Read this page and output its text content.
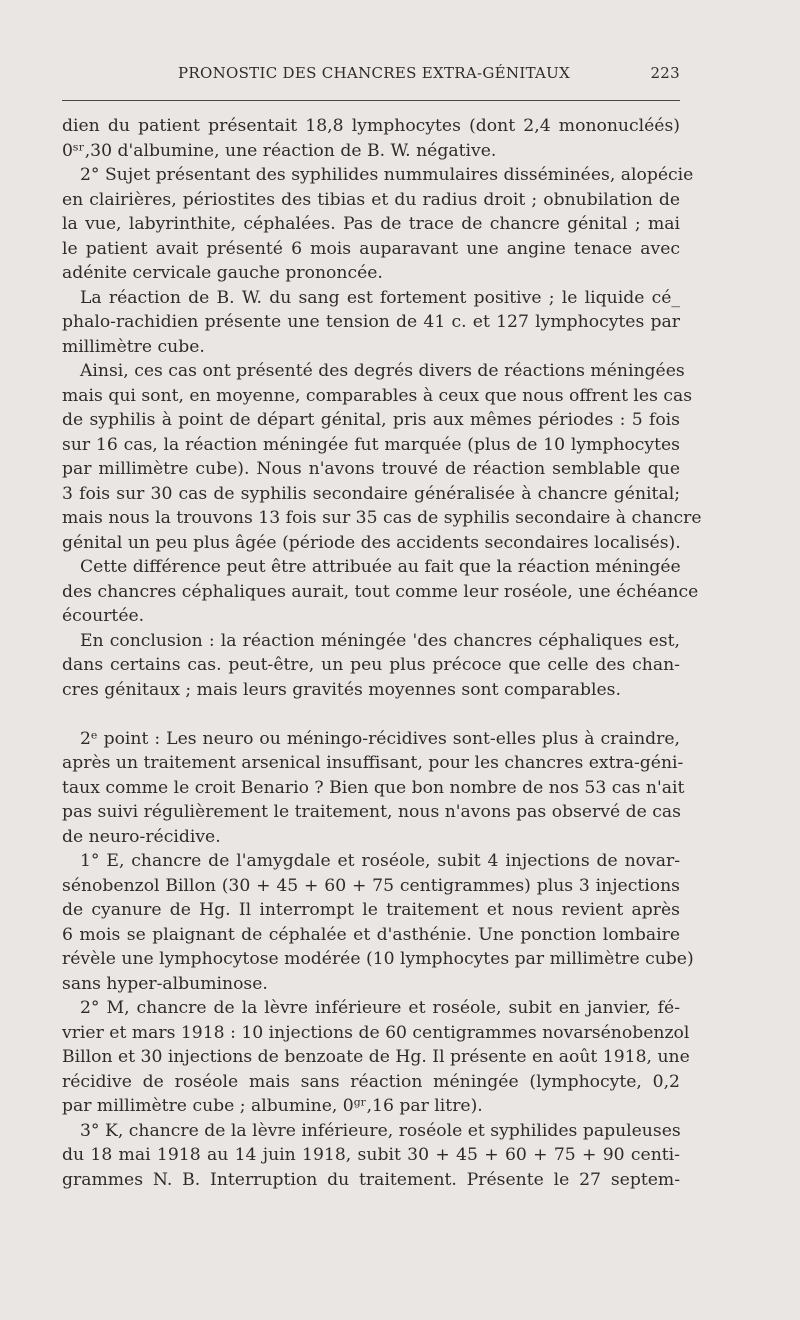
PRONOSTIC DES CHANCRES EXTRA-GÉNITAUX	223
dien du patient présentait 18,8 lymphocytes (dont 2,4 mononucléés)
0ˢʳ,30 d'albumine, une réaction de B. W. négative.
2° Sujet présentant des syphilides nummulaires disséminées, alopécie
en clairières, périostites des tibias et du radius droit ; obnubilation de
la vue, labyrinthite, céphalées. Pas de trace de chancre génital ; mai
le patient avait présenté 6 mois auparavant une angine tenace avec
adénite cervicale gauche prononcée.
La réaction de B. W. du sang est fortement positive ; le liquide cé_
phalo-rachidien présente une tension de 41 c. et 127 lymphocytes par
millimètre cube.
Ainsi, ces cas ont présenté des degrés divers de réactions méningées
mais qui sont, en moyenne, comparables à ceux que nous offrent les cas
de syphilis à point de départ génital, pris aux mêmes périodes : 5 fois
sur 16 cas, la réaction méningée fut marquée (plus de 10 lymphocytes
par millimètre cube). Nous n'avons trouvé de réaction semblable que
3 fois sur 30 cas de syphilis secondaire généralisée à chancre génital;
mais nous la trouvons 13 fois sur 35 cas de syphilis secondaire à chancre
génital un peu plus âgée (période des accidents secondaires localisés).
Cette différence peut être attribuée au fait que la réaction méningée
des chancres céphaliques aurait, tout comme leur roséole, une échéance
écourtée.
En conclusion : la réaction méningée 'des chancres céphaliques est,
dans certains cas. peut-être, un peu plus précoce que celle des chan-
cres génitaux ; mais leurs gravités moyennes sont comparables.
2ᵉ point : Les neuro ou méningo-récidives sont-elles plus à craindre,
après un traitement arsenical insuffisant, pour les chancres extra-géni-
taux comme le croit Benario ? Bien que bon nombre de nos 53 cas n'ait
pas suivi régulièrement le traitement, nous n'avons pas observé de cas
de neuro-récidive.
1° E, chancre de l'amygdale et roséole, subit 4 injections de novar-
sénobenzol Billon (30 + 45 + 60 + 75 centigrammes) plus 3 injections
de cyanure de Hg. Il interrompt le traitement et nous revient après
6 mois se plaignant de céphalée et d'asthénie. Une ponction lombaire
révèle une lymphocytose modérée (10 lymphocytes par millimètre cube)
sans hyper-albuminose.
2° M, chancre de la lèvre inférieure et roséole, subit en janvier, fé-
vrier et mars 1918 : 10 injections de 60 centigrammes novarsénobenzol
Billon et 30 injections de benzoate de Hg. Il présente en août 1918, une
récidive de roséole mais sans réaction méningée (lymphocyte, 0,2
par millimètre cube ; albumine, 0ᵍʳ,16 par litre).
3° K, chancre de la lèvre inférieure, roséole et syphilides papuleuses
du 18 mai 1918 au 14 juin 1918, subit 30 + 45 + 60 + 75 + 90 centi-
grammes N. B. Interruption du traitement. Présente le 27 septem-
